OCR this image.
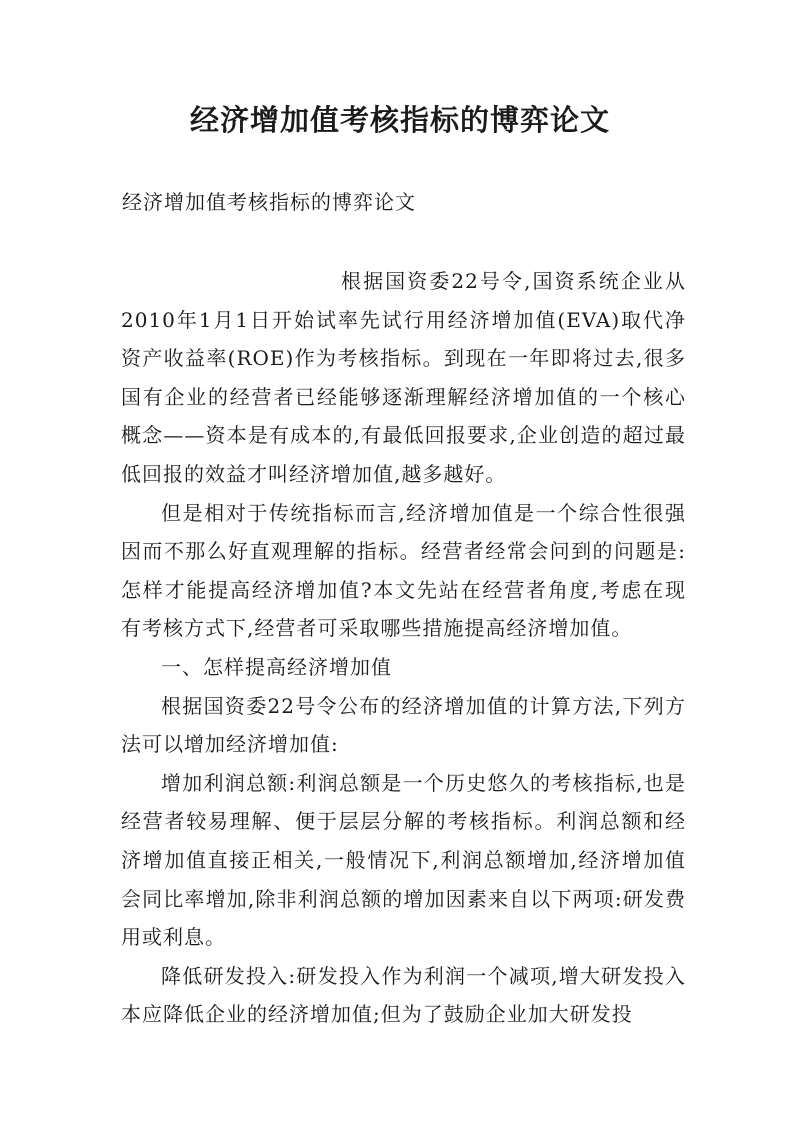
经济增加值考核指标的博弈论文

经济增加值考核指标的博弈论文

根据国资委22号令,国资系统企业从2010年1月1日开始试率先试行用经济增加值(EVA)取代净资产收益率(ROE)作为考核指标。到现在一年即将过去,很多国有企业的经营者已经能够逐渐理解经济增加值的一个核心概念——资本是有成本的,有最低回报要求,企业创造的超过最低回报的效益才叫经济增加值,越多越好。

但是相对于传统指标而言,经济增加值是一个综合性很强因而不那么好直观理解的指标。经营者经常会问到的问题是:怎样才能提高经济增加值?本文先站在经营者角度,考虑在现有考核方式下,经营者可采取哪些措施提高经济增加值。

一、怎样提高经济增加值

根据国资委22号令公布的经济增加值的计算方法,下列方法可以增加经济增加值:

增加利润总额:利润总额是一个历史悠久的考核指标,也是经营者较易理解、便于层层分解的考核指标。利润总额和经济增加值直接正相关,一般情况下,利润总额增加,经济增加值会同比率增加,除非利润总额的增加因素来自以下两项:研发费用或利息。

降低研发投入:研发投入作为利润一个减项,增大研发投入本应降低企业的经济增加值;但为了鼓励企业加大研发投
